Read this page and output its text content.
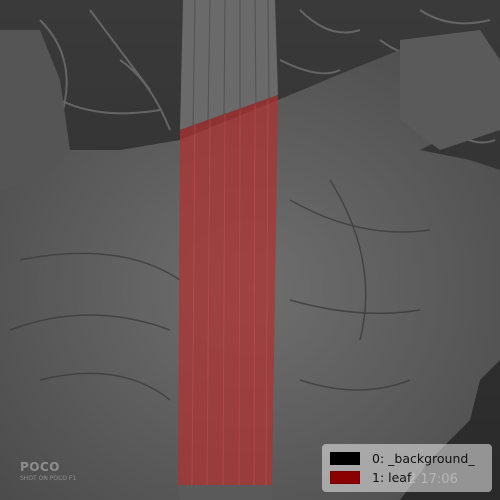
POCO
SHOT ON POCO F1
0: _background_
1: leaf
